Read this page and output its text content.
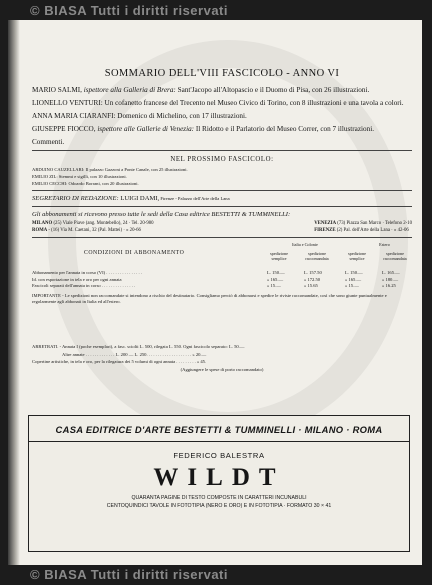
© BIASA Tutti i diritti riservati
SOMMARIO DELL'VIII FASCICOLO - ANNO VI
MARIO SALMI, ispettore alla Galleria di Brera: Sant'Jacopo all'Altopascio e il Duomo di Pisa, con 26 illustrazioni.
LIONELLO VENTURI: Un cofanetto francese del Trecento nel Museo Civico di Torino, con 8 illustrazioni e una tavola a colori.
ANNA MARIA CIARANFI: Domenico di Michelino, con 17 illustrazioni.
GIUSEPPE FIOCCO, ispettore alle Gallerie di Venezia: Il Ridotto e il Parlatorio del Museo Correr, con 7 illustrazioni.
Commenti.
NEL PROSSIMO FASCICOLO:
ARDUINO CAUZELLARI: Il palazzo Gazzoni a Ponte Canale, con 25 illustrazioni.
EMILIO ZIL: Stemmi e sigilli, con 10 illustrazioni.
EMILIO CECCHI: Odoardo Borrani, con 20 illustrazioni.
SEGRETARIO DI REDAZIONE: LUIGI DAMI, Firenze - Palazzo dell'Arte della Lana
Gli abbonamenti si ricevono presso tutte le sedi della Casa editrice BESTETTI & TUMMINELLI:
MILANO (25) Viale Piave (ang. Montebello), 24 · Tel. 20-980
ROMA - (16) Via M. Caetani, 32 (Pal. Mattei) · » 20-66
VENEZIA (73) Piazza San Marco · Telefono 2-10
FIRENZE (2) Pal. dell'Arte della Lana · » 42-06
CONDIZIONI DI ABBONAMENTO
Italia e Colonie	Estero
spedizione semplice
spedizione raccomandata
spedizione semplice
spedizione raccomandata
Abbonamento per l'annata in corso (VI) . . . . . . . . . . . . . . . .	L. 150.—	L. 157.50	L. 150.—	L. 165.—
Id. con esportazione in tela e oro per ogni annata	» 165.—	» 172.50	» 165.—	» 180.—
Fascicoli separati dell'annata in corso . . . . . . . . . . . . . . .	» 15.—	» 15.65	» 15.—	» 16.25
IMPORTANTE - Le spedizioni non raccomandate si intendono a rischio del destinatario. Consigliamo perciò di abbonarsi e spedire le riviste raccomandate, così che sono giunte puntualmente e regolarmente agli abbonati in Italia ed all'estero.
ARRETRATI. - Annata I (poche esemplari), a fasc. sciolti L. 500, rilegata L. 550. Ogni fascicolo separato: L. 50.—
Altre annate . . . . . . . . . . . . . L. 200 — L. 250. . . . . . . . . . . . . . . . . . . . » 20.—
Copertine artistiche, in tela e oro, per la rilegatura dei 5 volumi di ogni annata . . . . . . . . . » 45.
(Aggiungere le spese di porto raccomandato)
CASA EDITRICE D'ARTE BESTETTI & TUMMINELLI · MILANO · ROMA
FEDERICO BALESTRA
WILDT
QUARANTA PAGINE DI TESTO COMPOSTE IN CARATTERI INCUNABULI
CENTOQUINDICI TAVOLE IN FOTOTIPIA (NERO E ORO) E IN FOTOTIPIA · FORMATO 30 × 41
© BIASA Tutti i diritti riservati
